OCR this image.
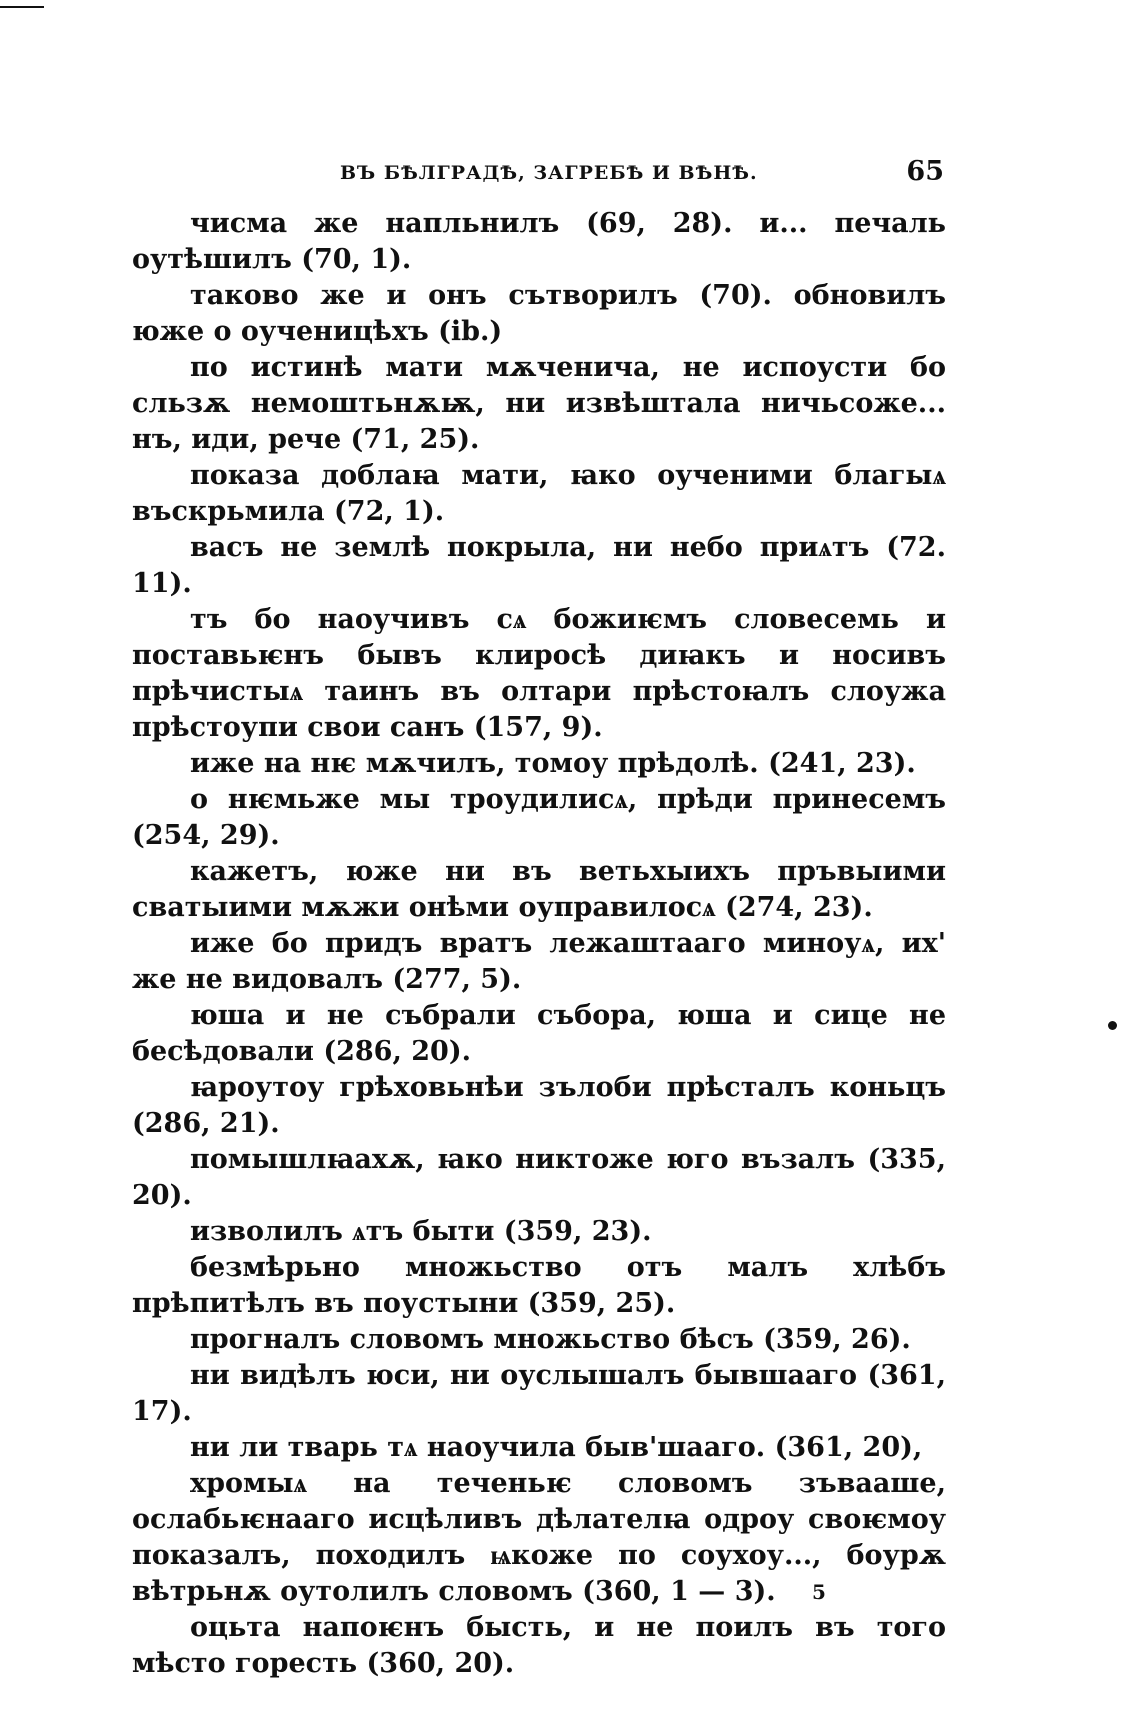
ВЪ БѢЛГРАДѢ, ЗАГРЕБѢ И ВѢНѢ.	65

чисма же напльнилъ (69, 28). и... печаль оутѣшилъ (70, 1).

таково же и онъ сътворилъ (70). обновилъ юже о оученицѣхъ (ib.)

по истинѣ мати мѫченича, не испоусти бо сльзѫ немоштьнѫѭ, ни извѣштала ничьсоже... нъ, иди, рече (71, 25).

показа доблаꙗ мати, ꙗко оученими благыѧ въскрьмила (72, 1).

васъ не землѣ покрыла, ни небо приѧтъ (72. 11).

тъ бо наоучивъ сѧ божиѥмъ словесемь и поставьѥнъ бывъ клиросѣ диꙗкъ и носивъ прѣчистыѧ таинъ въ олтари прѣстоꙗлъ слоужа прѣстоупи свои санъ (157, 9).

иже на нѥ мѫчилъ, томоу прѣдолѣ. (241, 23).

о нѥмьже мы троудилисѧ, прѣди принесемъ (254, 29).

кажетъ, юже ни въ ветьхыихъ пръвыими сватыими мѫжи онѣми оуправилосѧ (274, 23).

иже бо придъ вратъ лежаштааго миноуѧ, их' же не видовалъ (277, 5).

юша и не събрали събора, юша и сице не бесѣдовали (286, 20).

ꙗроутоу грѣховьнѣи зълоби прѣсталъ коньцъ (286, 21).

помышлꙗахѫ, ꙗко никтоже юго възалъ (335, 20).

изволилъ ѧтъ быти (359, 23).

безмѣрьно множьство отъ малъ хлѣбъ прѣпитѣлъ въ поустыни (359, 25).

прогналъ словомъ множьство бѣсъ (359, 26).

ни видѣлъ юси, ни оуслышалъ бывшааго (361, 17).

ни ли тварь тѧ наоучила быв'шааго. (361, 20),

хромыѧ на теченьѥ словомъ зъвааше, ослабьѥнааго исцѣливъ дѣлателꙗ одроу своѥмоу показалъ, походилъ ѩкоже по соухоу..., боурѫ вѣтрьнѫ оутолилъ словомъ (360, 1 — 3).

оцьта напоѥнъ бысть, и не поилъ въ того мѣсто горесть (360, 20).

5
